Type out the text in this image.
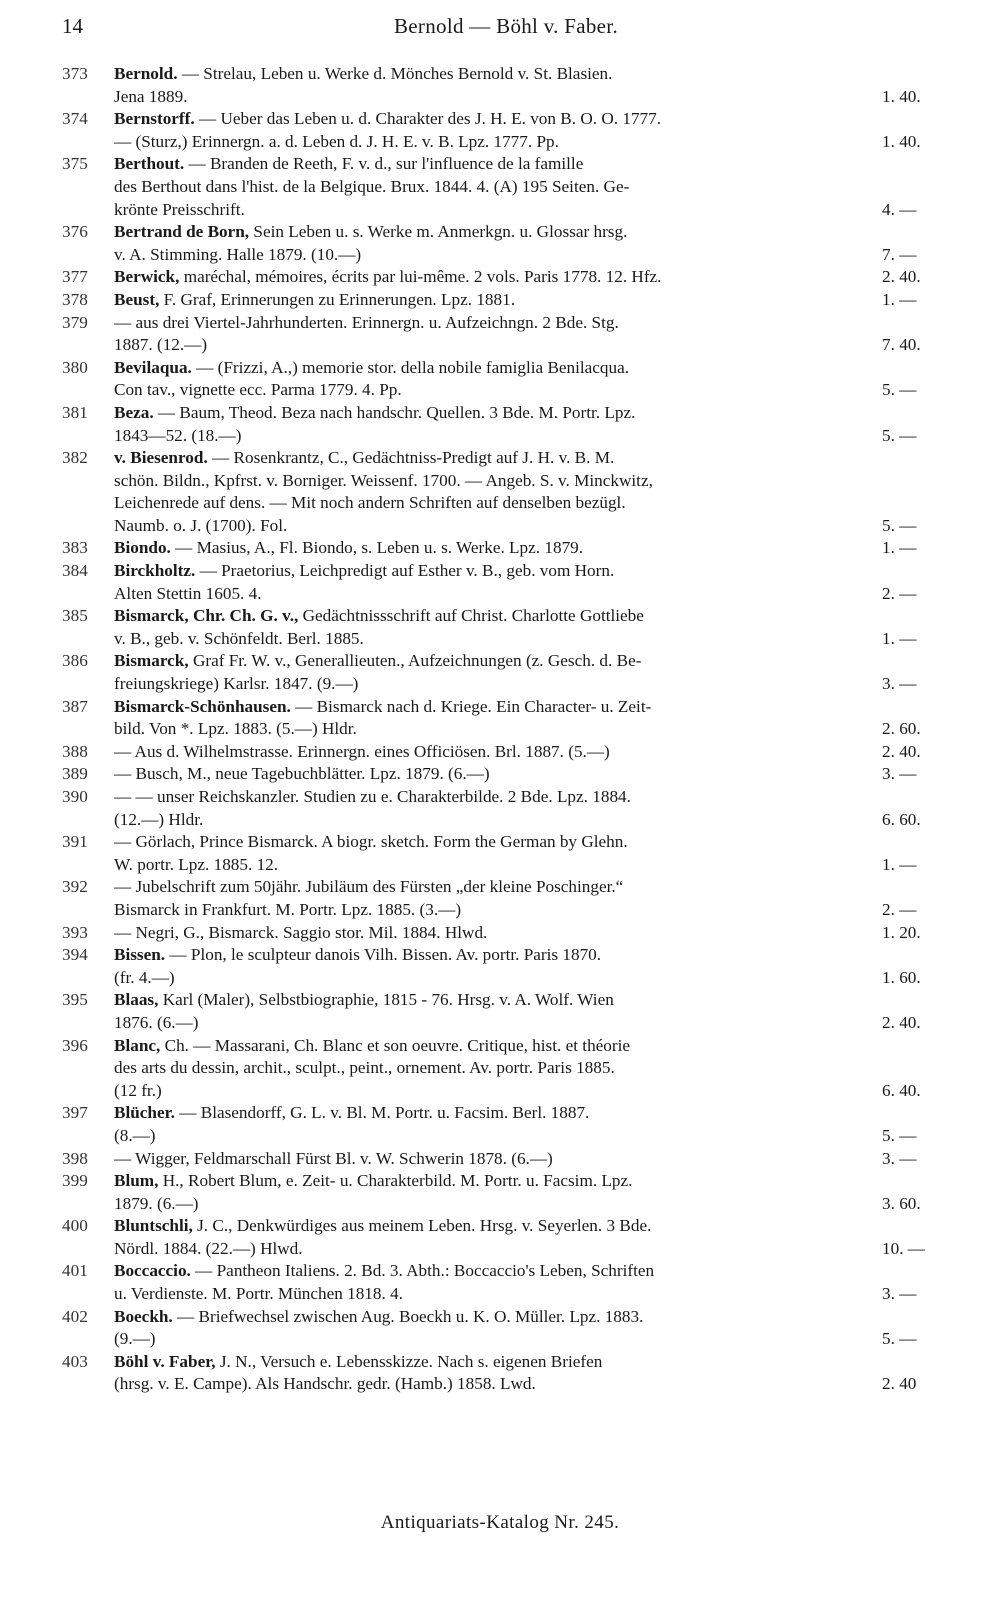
14	Bernold — Böhl v. Faber.
373	Bernold. — Strelau, Leben u. Werke d. Mönches Bernold v. St. Blasien.
Jena 1889.	1. 40.
374	Bernstorff. — Ueber das Leben u. d. Charakter des J. H. E. von B. O. O. 1777.
— (Sturz,) Erinnergn. a. d. Leben d. J. H. E. v. B. Lpz. 1777. Pp.	1. 40.
375	Berthout. — Branden de Reeth, F. v. d., sur l'influence de la famille
des Berthout dans l'hist. de la Belgique. Brux. 1844. 4. (A) 195 Seiten. Ge-
krönte Preisschrift.	4. —
376	Bertrand de Born, Sein Leben u. s. Werke m. Anmerkgn. u. Glossar hrsg.
v. A. Stimming. Halle 1879. (10.—)	7. —
377	Berwick, maréchal, mémoires, écrits par lui-même. 2 vols. Paris 1778. 12. Hfz.	2. 40.
378	Beust, F. Graf, Erinnerungen zu Erinnerungen. Lpz. 1881.	1. —
379	— aus drei Viertel-Jahrhunderten. Erinnergn. u. Aufzeichngn. 2 Bde. Stg.
1887. (12.—)	7. 40.
380	Bevilaqua. — (Frizzi, A.,) memorie stor. della nobile famiglia Benilacqua.
Con tav., vignette ecc. Parma 1779. 4. Pp.	5. —
381	Beza. — Baum, Theod. Beza nach handschr. Quellen. 3 Bde. M. Portr. Lpz.
1843—52. (18.—)	5. —
382	v. Biesenrod. — Rosenkrantz, C., Gedächtniss-Predigt auf J. H. v. B. M.
schön. Bildn., Kpfrst. v. Borniger. Weissenf. 1700. — Angeb. S. v. Minckwitz,
Leichenrede auf dens. — Mit noch andern Schriften auf denselben bezügl.
Naumb. o. J. (1700). Fol.	5. —
383	Biondo. — Masius, A., Fl. Biondo, s. Leben u. s. Werke. Lpz. 1879.	1. —
384	Birckholtz. — Praetorius, Leichpredigt auf Esther v. B., geb. vom Horn.
Alten Stettin 1605. 4.	2. —
385	Bismarck, Chr. Ch. G. v., Gedächtnissschrift auf Christ. Charlotte Gottliebe
v. B., geb. v. Schönfeldt. Berl. 1885.	1. —
386	Bismarck, Graf Fr. W. v., Generallieuten., Aufzeichnungen (z. Gesch. d. Be-
freiungskriege) Karlsr. 1847. (9.—)	3. —
387	Bismarck-Schönhausen. — Bismarck nach d. Kriege. Ein Character- u. Zeit-
bild. Von *. Lpz. 1883. (5.—) Hldr.	2. 60.
388	— Aus d. Wilhelmstrasse. Erinnergn. eines Officiösen. Brl. 1887. (5.—)	2. 40.
389	— Busch, M., neue Tagebuchblätter. Lpz. 1879. (6.—)	3. —
390	— — unser Reichskanzler. Studien zu e. Charakterbilde. 2 Bde. Lpz. 1884.
(12.—) Hldr.	6. 60.
391	— Görlach, Prince Bismarck. A biogr. sketch. Form the German by Glehn.
W. portr. Lpz. 1885. 12.	1. —
392	— Jubelschrift zum 50jähr. Jubiläum des Fürsten „der kleine Poschinger.“
Bismarck in Frankfurt. M. Portr. Lpz. 1885. (3.—)	2. —
393	— Negri, G., Bismarck. Saggio stor. Mil. 1884. Hlwd.	1. 20.
394	Bissen. — Plon, le sculpteur danois Vilh. Bissen. Av. portr. Paris 1870.
(fr. 4.—)	1. 60.
395	Blaas, Karl (Maler), Selbstbiographie, 1815 - 76. Hrsg. v. A. Wolf. Wien
1876. (6.—)	2. 40.
396	Blanc, Ch. — Massarani, Ch. Blanc et son oeuvre. Critique, hist. et théorie
des arts du dessin, archit., sculpt., peint., ornement. Av. portr. Paris 1885.
(12 fr.)	6. 40.
397	Blücher. — Blasendorff, G. L. v. Bl. M. Portr. u. Facsim. Berl. 1887.
(8.—)	5. —
398	— Wigger, Feldmarschall Fürst Bl. v. W. Schwerin 1878. (6.—)	3. —
399	Blum, H., Robert Blum, e. Zeit- u. Charakterbild. M. Portr. u. Facsim. Lpz.
1879. (6.—)	3. 60.
400	Bluntschli, J. C., Denkwürdiges aus meinem Leben. Hrsg. v. Seyerlen. 3 Bde.
Nördl. 1884. (22.—) Hlwd.	10. —
401	Boccaccio. — Pantheon Italiens. 2. Bd. 3. Abth.: Boccaccio's Leben, Schriften
u. Verdienste. M. Portr. München 1818. 4.	3. —
402	Boeckh. — Briefwechsel zwischen Aug. Boeckh u. K. O. Müller. Lpz. 1883.
(9.—)	5. —
403	Böhl v. Faber, J. N., Versuch e. Lebensskizze. Nach s. eigenen Briefen
(hrsg. v. E. Campe). Als Handschr. gedr. (Hamb.) 1858. Lwd.	2. 40
Antiquariats-Katalog Nr. 245.
